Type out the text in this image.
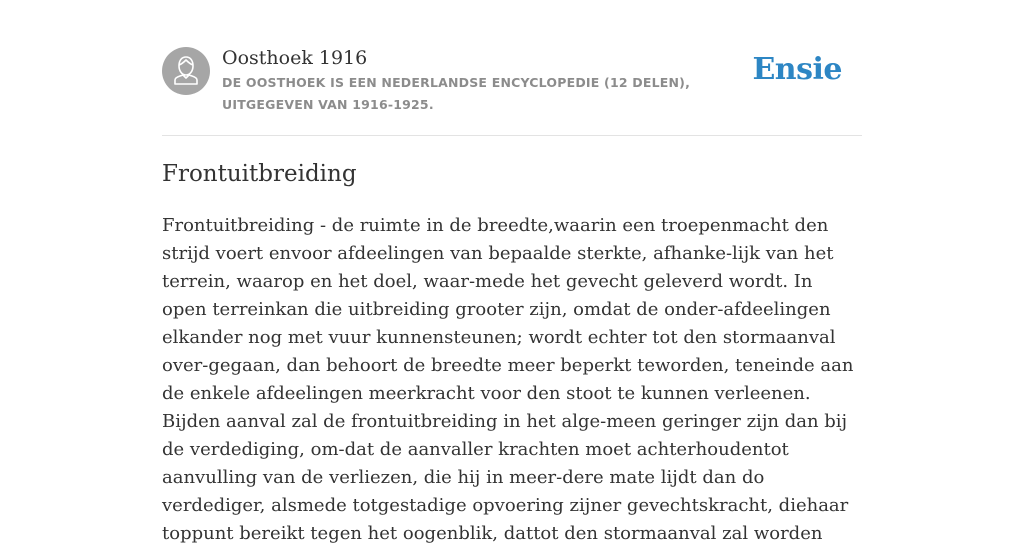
Oosthoek 1916
DE OOSTHOEK IS EEN NEDERLANDSE ENCYCLOPEDIE (12 DELEN), UITGEGEVEN VAN 1916-1925.
Ensie
Frontuitbreiding

Frontuitbreiding - de ruimte in de breedte,waarin een troepenmacht den strijd voert envoor afdeelingen van bepaalde sterkte, afhanke-lijk van het terrein, waarop en het doel, waar-mede het gevecht geleverd wordt. In open terreinkan die uitbreiding grooter zijn, omdat de onder-afdeelingen elkander nog met vuur kunnensteunen; wordt echter tot den stormaanval over-gegaan, dan behoort de breedte meer beperkt teworden, teneinde aan de enkele afdeelingen meerkracht voor den stoot te kunnen verleenen. Bijden aanval zal de frontuitbreiding in het alge-meen geringer zijn dan bij de verdediging, om-dat de aanvaller krachten moet achterhoudentot aanvulling van de verliezen, die hij in meer-dere mate lijdt dan do verdediger, alsmede totgestadige opvoering zijner gevechtskracht, diehaar toppunt bereikt tegen het oogenblik, dattot den stormaanval zal worden
